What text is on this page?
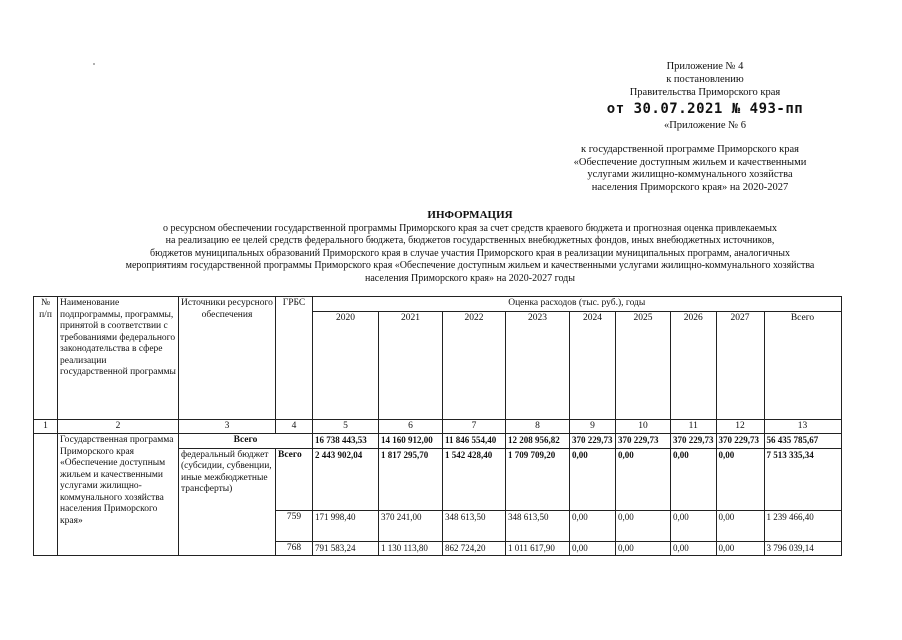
Приложение № 4
к постановлению
Правительства Приморского края
от 30.07.2021 № 493-пп
«Приложение № 6
к государственной программе Приморского края
«Обеспечение доступным жильем и качественными
услугами жилищно-коммунального хозяйства
населения Приморского края» на 2020-2027
ИНФОРМАЦИЯ
о ресурсном обеспечении государственной программы Приморского края за счет средств краевого бюджета и прогнозная оценка привлекаемых
на реализацию ее целей средств федерального бюджета, бюджетов государственных внебюджетных фондов, иных внебюджетных источников,
бюджетов муниципальных образований Приморского края в случае участия Приморского края в реализации муниципальных программ, аналогичных
мероприятиям государственной программы Приморского края «Обеспечение доступным жильем и качественными услугами жилищно-коммунального хозяйства
населения Приморского края» на 2020-2027 годы
№ п/п	Наименование подпрограммы, программы, принятой в соответствии с требованиями федерального законодательства в сфере реализации государственной программы	Источники ресурсного обеспечения	ГРБС	Оценка расходов (тыс. руб.), годы								
				2020	2021	2022	2023	2024	2025	2026	2027	Всего
1	2	3	4	5	6	7	8	9	10	11	12	13
	Государственная программа Приморского края «Обеспечение доступным жильем и качественными услугами жилищно-коммунального хозяйства населения Приморского края»	Всего		16 738 443,53	14 160 912,00	11 846 554,40	12 208 956,82	370 229,73	370 229,73	370 229,73	370 229,73	56 435 785,67
		федеральный бюджет (субсидии, субвенции, иные межбюджетные трансферты)	Всего	2 443 902,04	1 817 295,70	1 542 428,40	1 709 709,20	0,00	0,00	0,00	0,00	7 513 335,34
			759	171 998,40	370 241,00	348 613,50	348 613,50	0,00	0,00	0,00	0,00	1 239 466,40
			768	791 583,24	1 130 113,80	862 724,20	1 011 617,90	0,00	0,00	0,00	0,00	3 796 039,14
